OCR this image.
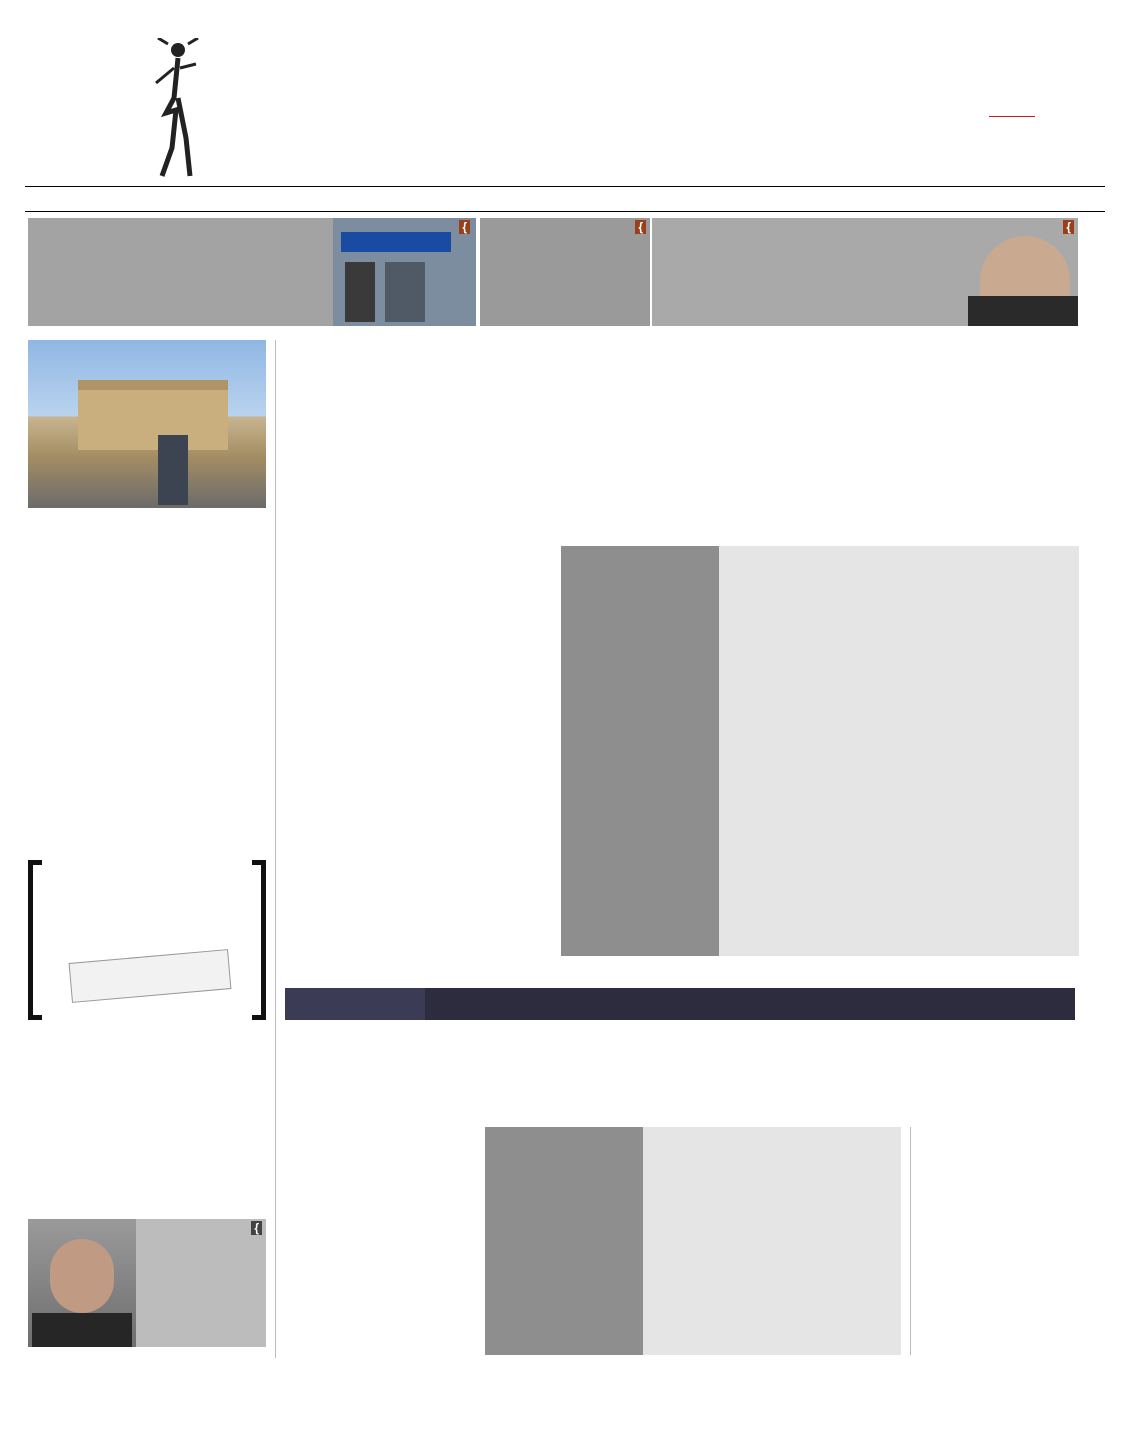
{	{	{
{
